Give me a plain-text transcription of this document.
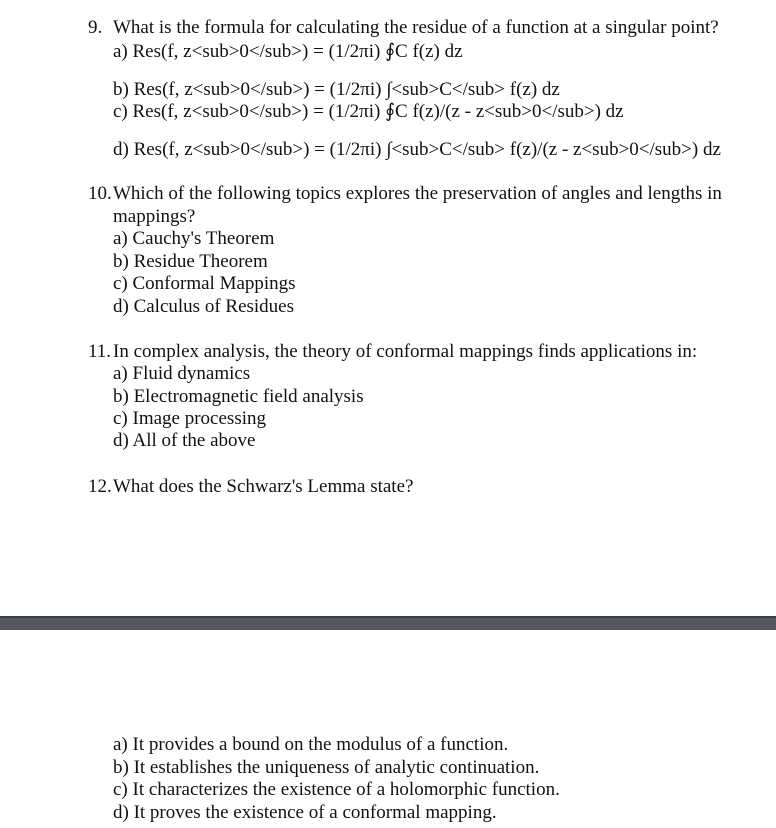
9. What is the formula for calculating the residue of a function at a singular point?
a) Res(f, z<sub>0</sub>) = (1/2πi) ∮C f(z) dz
b) Res(f, z<sub>0</sub>) = (1/2πi) ∫<sub>C</sub> f(z) dz
c) Res(f, z<sub>0</sub>) = (1/2πi) ∮C f(z)/(z - z<sub>0</sub>) dz
d) Res(f, z<sub>0</sub>) = (1/2πi) ∫<sub>C</sub> f(z)/(z - z<sub>0</sub>) dz
10. Which of the following topics explores the preservation of angles and lengths in
mappings?
a) Cauchy's Theorem
b) Residue Theorem
c) Conformal Mappings
d) Calculus of Residues
11. In complex analysis, the theory of conformal mappings finds applications in:
a) Fluid dynamics
b) Electromagnetic field analysis
c) Image processing
d) All of the above
12. What does the Schwarz's Lemma state?
a) It provides a bound on the modulus of a function.
b) It establishes the uniqueness of analytic continuation.
c) It characterizes the existence of a holomorphic function.
d) It proves the existence of a conformal mapping.
